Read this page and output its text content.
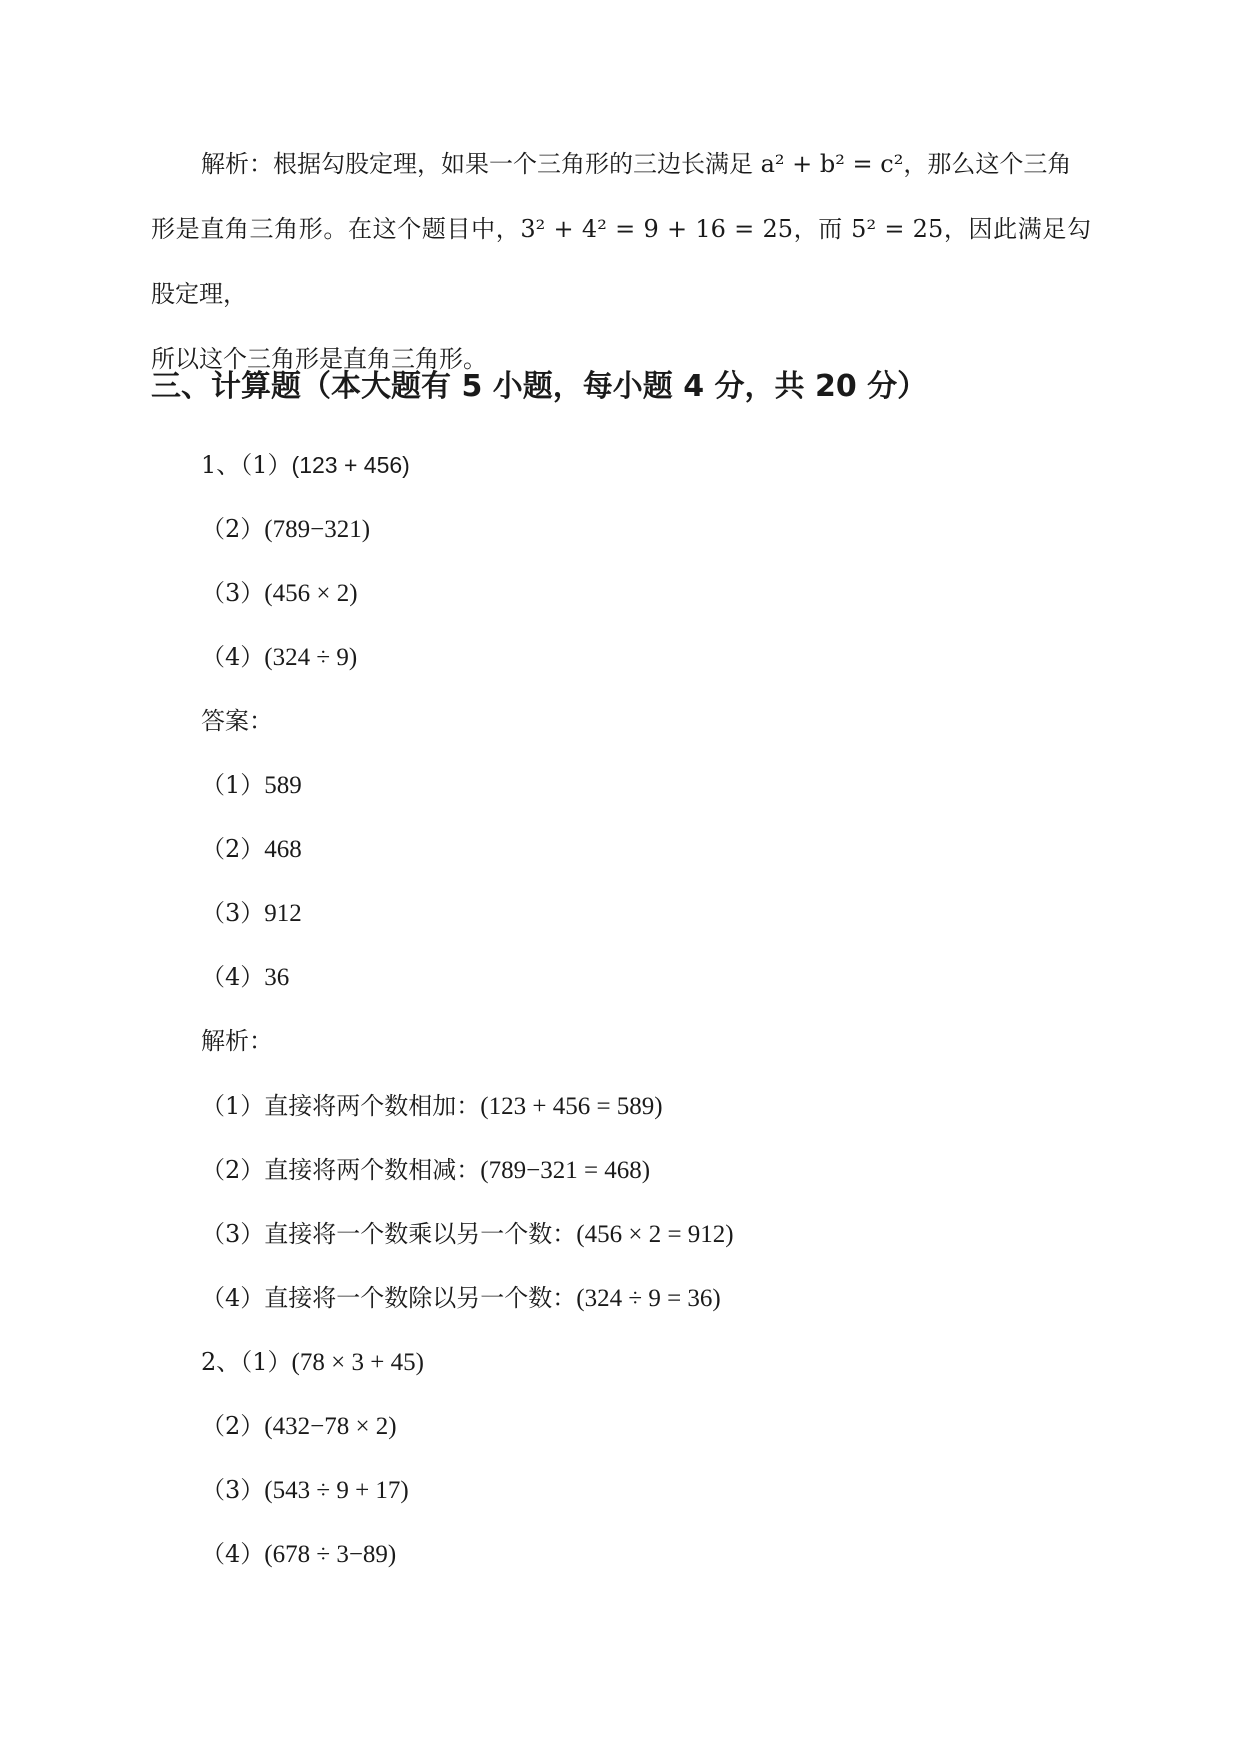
解析：根据勾股定理，如果一个三角形的三边长满足 a² + b² = c²，那么这个三角

形是直角三角形。在这个题目中，3² + 4² = 9 + 16 = 25，而 5² = 25，因此满足勾股定理，

所以这个三角形是直角三角形。

三、计算题（本大题有 5 小题，每小题 4 分，共 20 分）
1、（1）(123 + 456)
（2）(789−321)
（3）(456 × 2)
（4）(324 ÷ 9)
答案：
（1）589
（2）468
（3）912
（4）36
解析：
（1）直接将两个数相加：(123 + 456 = 589)
（2）直接将两个数相减：(789−321 = 468)
（3）直接将一个数乘以另一个数：(456 × 2 = 912)
（4）直接将一个数除以另一个数：(324 ÷ 9 = 36)
2、（1）(78 × 3 + 45)
（2）(432−78 × 2)
（3）(543 ÷ 9 + 17)
（4）(678 ÷ 3−89)
